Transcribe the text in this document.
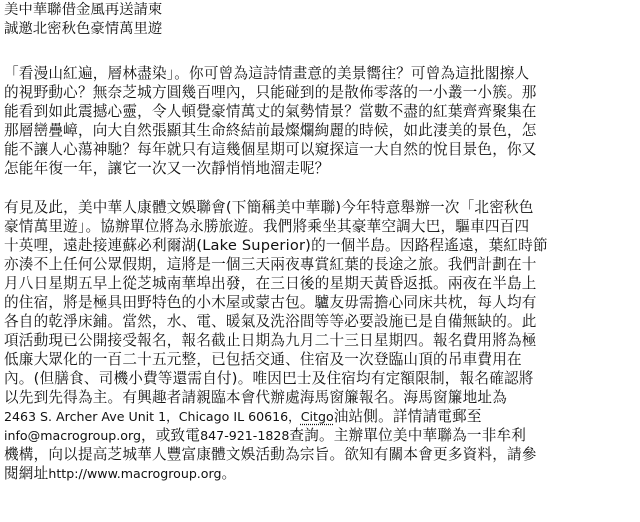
美中華聯借金風再送請柬
誠邀北密秋色豪情萬里遊
「看漫山紅遍，層林盡染」。你可曾為這詩情畫意的美景嚮往？可曾為這批閣擦人
的視野動心？無奈芝城方圓幾百哩內，只能碰到的是散佈零落的一小叢一小簇。那
能看到如此震撼心靈，令人頓覺豪情萬丈的氣勢情景？當數不盡的紅葉齊齊聚集在
那層巒疊嶂，向大自然張顯其生命終結前最燦爛絢麗的時候，如此淒美的景色，怎
能不讓人心蕩神馳？每年就只有這幾個星期可以窺探這一大自然的悅目景色，你又
怎能年復一年，讓它一次又一次靜悄悄地溜走呢？
有見及此，美中華人康體文娛聯會(下簡稱美中華聯)今年特意舉辦一次「北密秋色
豪情萬里遊」。協辦單位將為永勝旅遊。我們將乘坐其豪華空調大巴，驅車四百四
十英哩，遠赴接連蘇必利爾湖(Lake Superior)的一個半島。因路程遙遠，葉紅時節
亦湊不上任何公眾假期，這將是一個三天兩夜專賞紅葉的長途之旅。我們計劃在十
月八日星期五早上從芝城南華埠出發，在三日後的星期天黃昏返抵。兩夜在半島上
的住宿，將是極具田野特色的小木屋或蒙古包。驢友毋需擔心同床共枕，每人均有
各自的乾淨床鋪。當然，水、電、暖氣及洗浴間等等必要設施已是自備無缺的。此
項活動現已公開接受報名，報名截止日期為九月二十三日星期四。報名費用將為極
低廉大眾化的一百二十五元整，已包括交通、住宿及一次登臨山頂的吊車費用在
內。(但膳食、司機小費等還需自付)。唯因巴士及住宿均有定額限制，報名確認將
以先到先得為主。有興趣者請親臨本會代辦處海馬窗簾報名。海馬窗簾地址為
2463 S. Archer Ave Unit 1，Chicago IL 60616，Citgo油站側。詳情請電郵至
info@macrogroup.org，或致電847-921-1828查詢。主辦單位美中華聯為一非牟利
機構，向以提高芝城華人豐富康體文娛活動為宗旨。欲知有關本會更多資料，請參
閱網址http://www.macrogroup.org。
